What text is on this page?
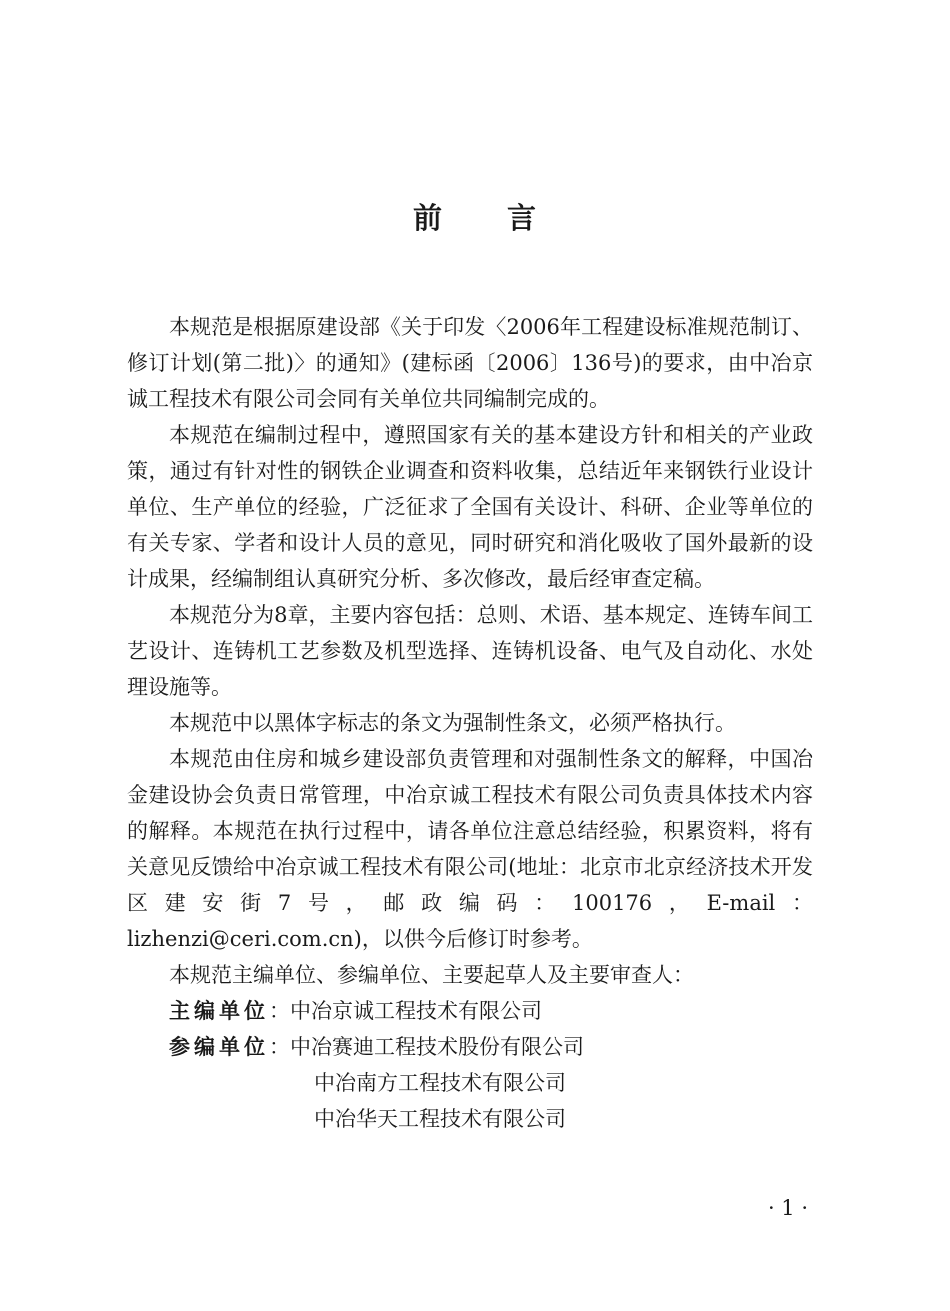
前 言

本规范是根据原建设部《关于印发〈2006年工程建设标准规范制订、修订计划(第二批)〉的通知》(建标函〔2006〕136号)的要求，由中冶京诚工程技术有限公司会同有关单位共同编制完成的。

本规范在编制过程中，遵照国家有关的基本建设方针和相关的产业政策，通过有针对性的钢铁企业调查和资料收集，总结近年来钢铁行业设计单位、生产单位的经验，广泛征求了全国有关设计、科研、企业等单位的有关专家、学者和设计人员的意见，同时研究和消化吸收了国外最新的设计成果，经编制组认真研究分析、多次修改，最后经审查定稿。

本规范分为8章，主要内容包括：总则、术语、基本规定、连铸车间工艺设计、连铸机工艺参数及机型选择、连铸机设备、电气及自动化、水处理设施等。

本规范中以黑体字标志的条文为强制性条文，必须严格执行。

本规范由住房和城乡建设部负责管理和对强制性条文的解释，中国冶金建设协会负责日常管理，中冶京诚工程技术有限公司负责具体技术内容的解释。本规范在执行过程中，请各单位注意总结经验，积累资料，将有关意见反馈给中冶京诚工程技术有限公司(地址：北京市北京经济技术开发区建安街7号，邮政编码：100176，E-mail：lizhenzi@ceri.com.cn)，以供今后修订时参考。

本规范主编单位、参编单位、主要起草人及主要审查人：

主编单位：中冶京诚工程技术有限公司
参编单位：中冶赛迪工程技术股份有限公司
中冶南方工程技术有限公司
中冶华天工程技术有限公司
· 1 ·
